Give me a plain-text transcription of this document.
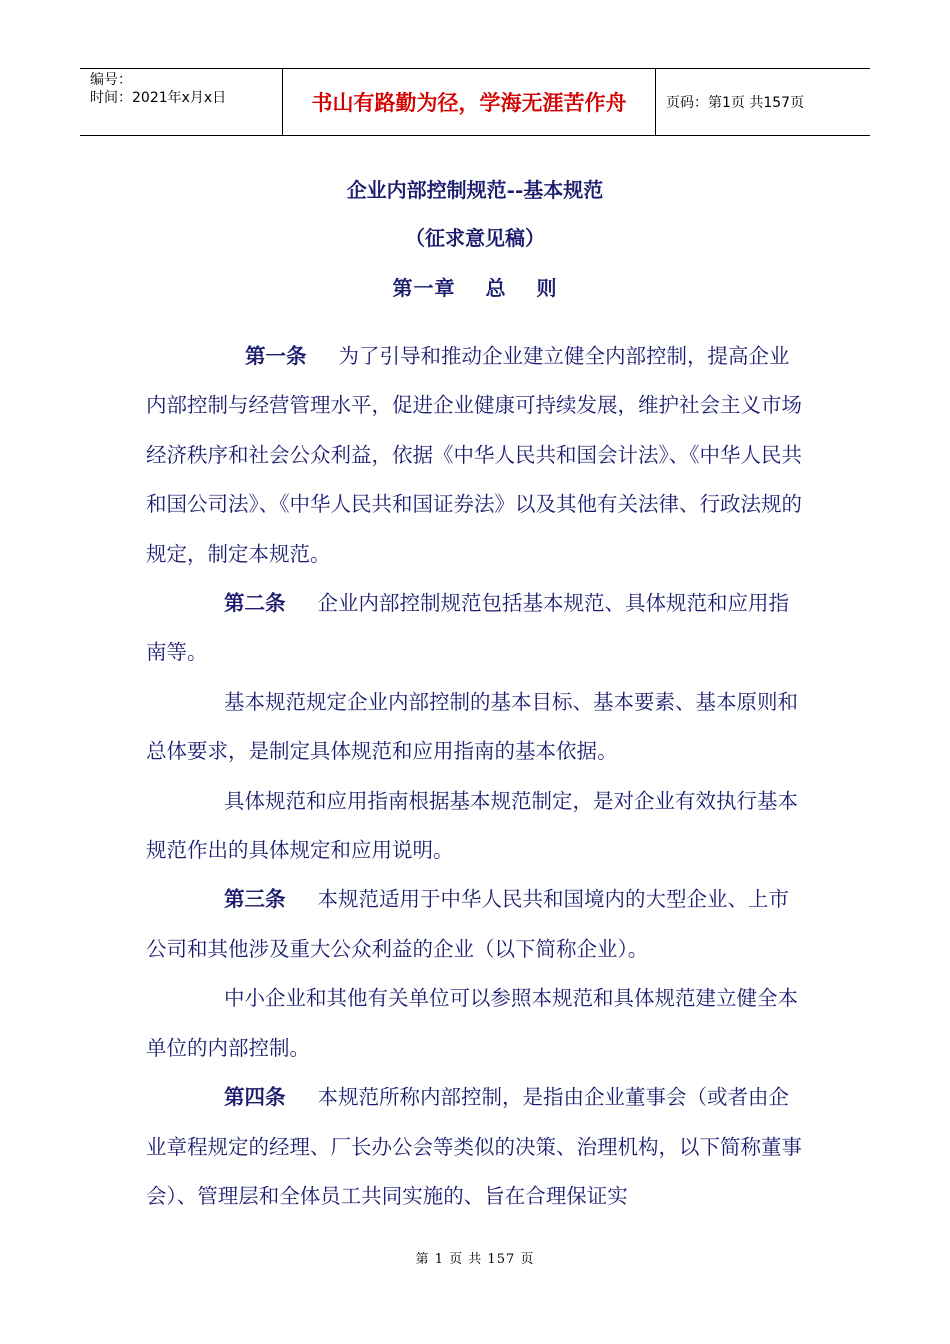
编号：
时间：2021年x月x日	书山有路勤为径，学海无涯苦作舟	页码：第1页 共157页
企业内部控制规范--基本规范
（征求意见稿）
第一章 总 则

第一条 为了引导和推动企业建立健全内部控制，提高企业内部控制与经营管理水平，促进企业健康可持续发展，维护社会主义市场经济秩序和社会公众利益，依据《中华人民共和国会计法》、《中华人民共和国公司法》、《中华人民共和国证券法》以及其他有关法律、行政法规的规定，制定本规范。

第二条 企业内部控制规范包括基本规范、具体规范和应用指南等。

基本规范规定企业内部控制的基本目标、基本要素、基本原则和总体要求，是制定具体规范和应用指南的基本依据。

具体规范和应用指南根据基本规范制定，是对企业有效执行基本规范作出的具体规定和应用说明。

第三条 本规范适用于中华人民共和国境内的大型企业、上市公司和其他涉及重大公众利益的企业（以下简称企业）。

中小企业和其他有关单位可以参照本规范和具体规范建立健全本单位的内部控制。

第四条 本规范所称内部控制，是指由企业董事会（或者由企业章程规定的经理、厂长办公会等类似的决策、治理机构，以下简称董事会）、管理层和全体员工共同实施的、旨在合理保证实

第 1 页 共 157 页
